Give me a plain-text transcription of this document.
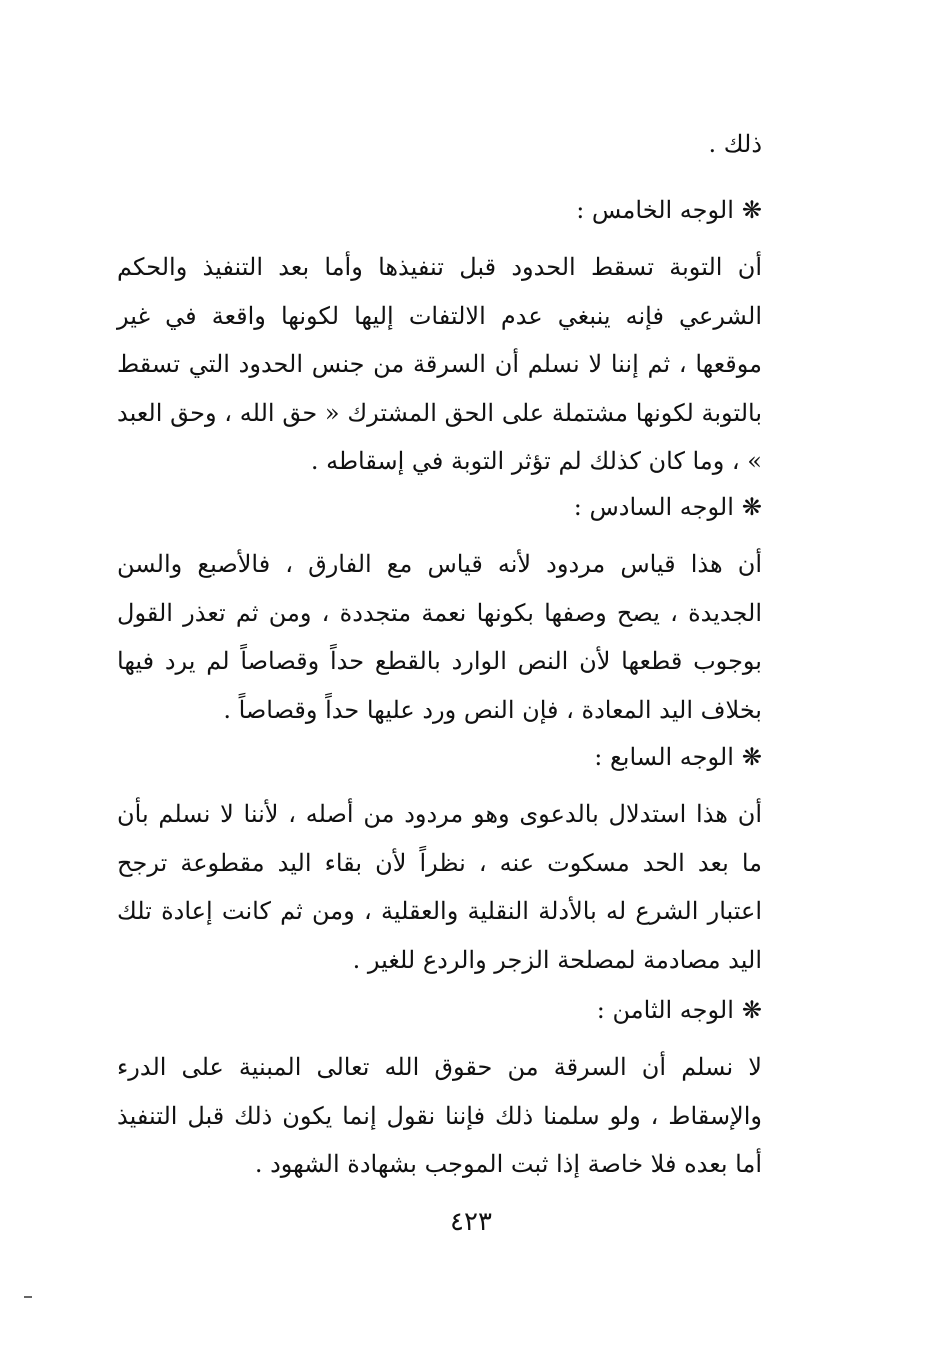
ذلك .

❋الوجه الخامس :

أن التوبة تسقط الحدود قبل تنفيذها وأما بعد التنفيذ والحكم الشرعي فإنه ينبغي عدم الالتفات إليها لكونها واقعة في غير موقعها ، ثم إننا لا نسلم أن السرقة من جنس الحدود التي تسقط بالتوبة لكونها مشتملة على الحق المشترك « حق الله ، وحق العبد » ، وما كان كذلك لم تؤثر التوبة في إسقاطه .

❋الوجه السادس :

أن هذا قياس مردود لأنه قياس مع الفارق ، فالأصبع والسن الجديدة ، يصح وصفها بكونها نعمة متجددة ، ومن ثم تعذر القول بوجوب قطعها لأن النص الوارد بالقطع حداً وقصاصاً لم يرد فيها بخلاف اليد المعادة ، فإن النص ورد عليها حداً وقصاصاً .

❋الوجه السابع :

أن هذا استدلال بالدعوى وهو مردود من أصله ، لأننا لا نسلم بأن ما بعد الحد مسكوت عنه ، نظراً لأن بقاء اليد مقطوعة ترجح اعتبار الشرع له بالأدلة النقلية والعقلية ، ومن ثم كانت إعادة تلك اليد مصادمة لمصلحة الزجر والردع للغير .

❋الوجه الثامن :

لا نسلم أن السرقة من حقوق الله تعالى المبنية على الدرء والإسقاط ، ولو سلمنا ذلك فإننا نقول إنما يكون ذلك قبل التنفيذ أما بعده فلا خاصة إذا ثبت الموجب بشهادة الشهود .

٤٢٣
